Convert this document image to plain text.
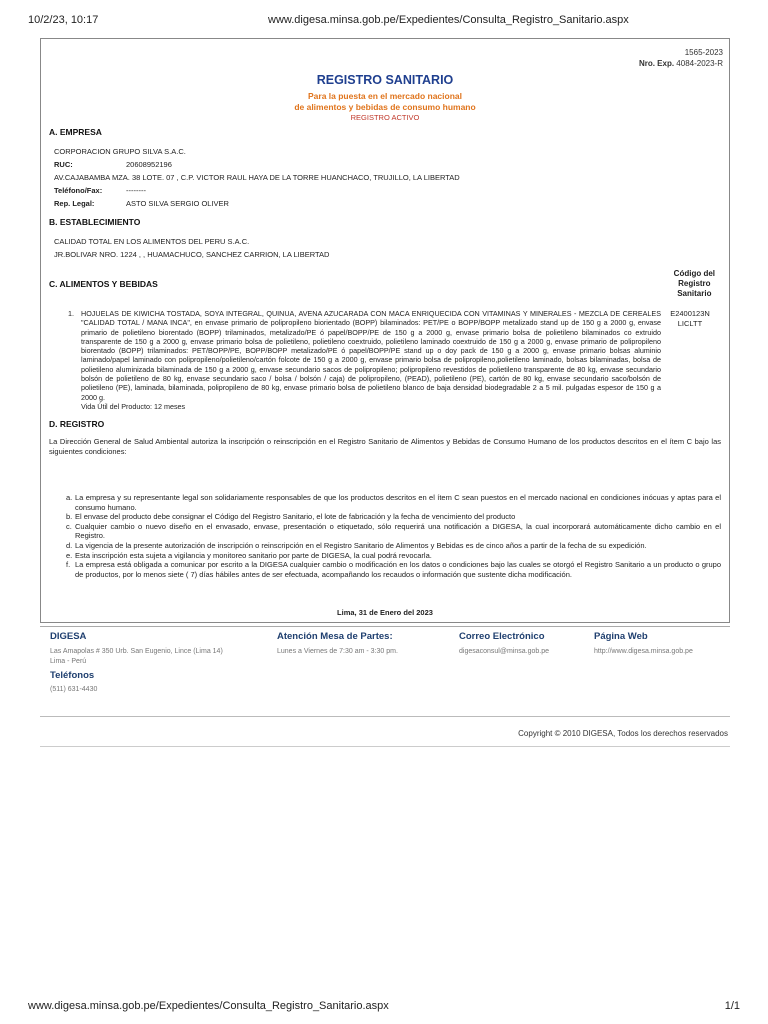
10/2/23, 10:17	www.digesa.minsa.gob.pe/Expedientes/Consulta_Registro_Sanitario.aspx
1565-2023
Nro. Exp. 4084-2023-R
REGISTRO SANITARIO
Para la puesta en el mercado nacional
de alimentos y bebidas de consumo humano
REGISTRO ACTIVO
A. EMPRESA
CORPORACION GRUPO SILVA S.A.C.
RUC:	20608952196
AV.CAJABAMBA MZA. 38 LOTE. 07 , C.P. VICTOR RAUL HAYA DE LA TORRE HUANCHACO, TRUJILLO, LA LIBERTAD
Teléfono/Fax:	--------
Rep. Legal:	ASTO SILVA SERGIO OLIVER
B. ESTABLECIMIENTO
CALIDAD TOTAL EN LOS ALIMENTOS DEL PERU S.A.C.
JR.BOLIVAR NRO. 1224 , , HUAMACHUCO, SANCHEZ CARRION, LA LIBERTAD
C. ALIMENTOS Y BEBIDAS
Código del
Registro
Sanitario
1. HOJUELAS DE KIWICHA TOSTADA, SOYA INTEGRAL, QUINUA, AVENA AZUCARADA CON MACA ENRIQUECIDA CON VITAMINAS Y MINERALES - MEZCLA DE CEREALES "CALIDAD TOTAL / MANA INCA", en envase primario de polipropileno biorientado (BOPP) bilaminados: PET/PE o BOPP/BOPP metalizado stand up de 150 g a 2000 g, envase primario de polietileno biorentado (BOPP) trilaminados, metalizado/PE ó papel/BOPP/PE de 150 g a 2000 g, envase primario bolsa de polietileno bilaminados co extruido transparente de 150 g a 2000 g, envase primario bolsa de polietileno, polietileno coextruido, polietileno laminado coextruido de 150 g a 2000 g, envase primario de polipropileno biorentado (BOPP) trilaminados: PET/BOPP/PE, BOPP/BOPP metalizado/PE ó papel/BOPP/PE stand up o doy pack de 150 g a 2000 g, envase primario bolsas aluminio laminado/papel laminado con polipropileno/polietileno/cartón folcote de 150 g a 2000 g, envase primario bolsa de polipropileno,polietileno laminado, bolsas bilaminadas, bolsa de polietileno aluminizada bilaminada de 150 g a 2000 g, envase secundario sacos de polipropileno; polipropileno revestidos de polietileno transparente de 80 kg, envase secundario bolsón de polietileno de 80 kg, envase secundario saco / bolsa / bolsón / caja) de polipropileno, (PEAD), polietileno (PE), cartón de 80 kg, envase secundario saco/bolsón de polietileno (PE), laminada, bilaminada, polipropileno de 80 kg, envase primario bolsa de polietileno blanco de baja densidad biodegradable 2 a 5 mil. pulgadas espesor de 150 g a 2000 g.
Vida Útil del Producto: 12 meses
E2400123N
LICLTT
D. REGISTRO
La Dirección General de Salud Ambiental autoriza la inscripción o reinscripción en el Registro Sanitario de Alimentos y Bebidas de Consumo Humano de los productos descritos en el ítem C bajo las siguientes condiciones:
a. La empresa y su representante legal son solidariamente responsables de que los productos descritos en el ítem C sean puestos en el mercado nacional en condiciones inócuas y aptas para el consumo humano.
b. El envase del producto debe consignar el Código del Registro Sanitario, el lote de fabricación y la fecha de vencimiento del producto
c. Cualquier cambio o nuevo diseño en el envasado, envase, presentación o etiquetado, sólo requerirá una notificación a DIGESA, la cual incorporará automáticamente dicho cambio en el Registro.
d. La vigencia de la presente autorización de inscripción o reinscripción en el Registro Sanitario de Alimentos y Bebidas es de cinco años a partir de la fecha de su expedición.
e. Esta inscripción esta sujeta a vigilancia y monitoreo sanitario por parte de DIGESA, la cual podrá revocarla.
f. La empresa está obligada a comunicar por escrito a la DIGESA cualquier cambio o modificación en los datos o condiciones bajo las cuales se otorgó el Registro Sanitario a un producto o grupo de productos, por lo menos siete ( 7) días hábiles antes de ser efectuada, acompañando los recaudos o información que sustente dicha modificación.
Lima, 31 de Enero del 2023
DIGESA
Las Amapolas # 350 Urb. San Eugenio, Lince (Lima 14)
Lima - Perú
Teléfonos
(511) 631-4430
Atención Mesa de Partes:
Lunes a Viernes de 7:30 am - 3:30 pm.
Correo Electrónico
digesaconsul@minsa.gob.pe
Página Web
http://www.digesa.minsa.gob.pe
Copyright © 2010 DIGESA, Todos los derechos reservados
www.digesa.minsa.gob.pe/Expedientes/Consulta_Registro_Sanitario.aspx	1/1
